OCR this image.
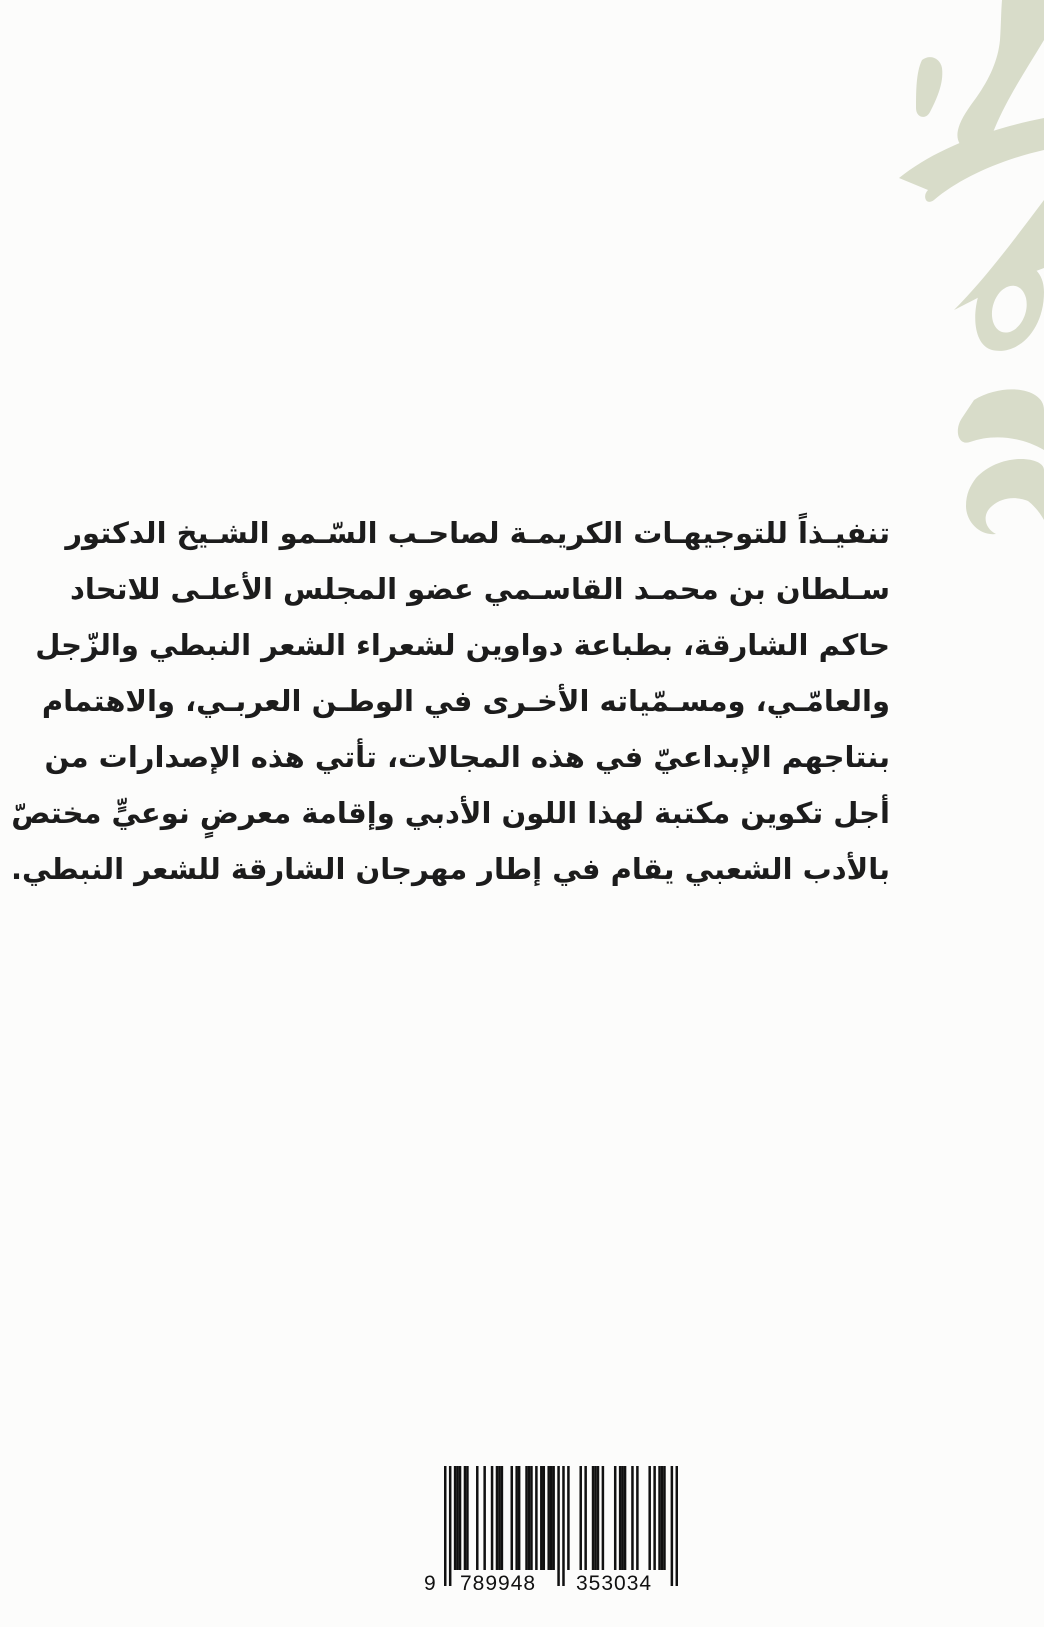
تنفيـذاً للتوجيهـات الكريمـة لصاحـب السّـمو الشـيخ الدكتور
سـلطان بن محمـد القاسـمي عضو المجلس الأعلـى للاتحاد
حاكم الشارقة، بطباعة دواوين لشعراء الشعر النبطي والزّجل
والعامّـي، ومسـمّياته الأخـرى في الوطـن العربـي، والاهتمام
بنتاجهم الإبداعيّ في هذه المجالات، تأتي هذه الإصدارات من
أجل تكوين مكتبة لهذا اللون الأدبي وإقامة معرضٍ نوعيٍّ مختصّ
بالأدب الشعبي يقام في إطار مهرجان الشارقة للشعر النبطي.
9 789948 353034
